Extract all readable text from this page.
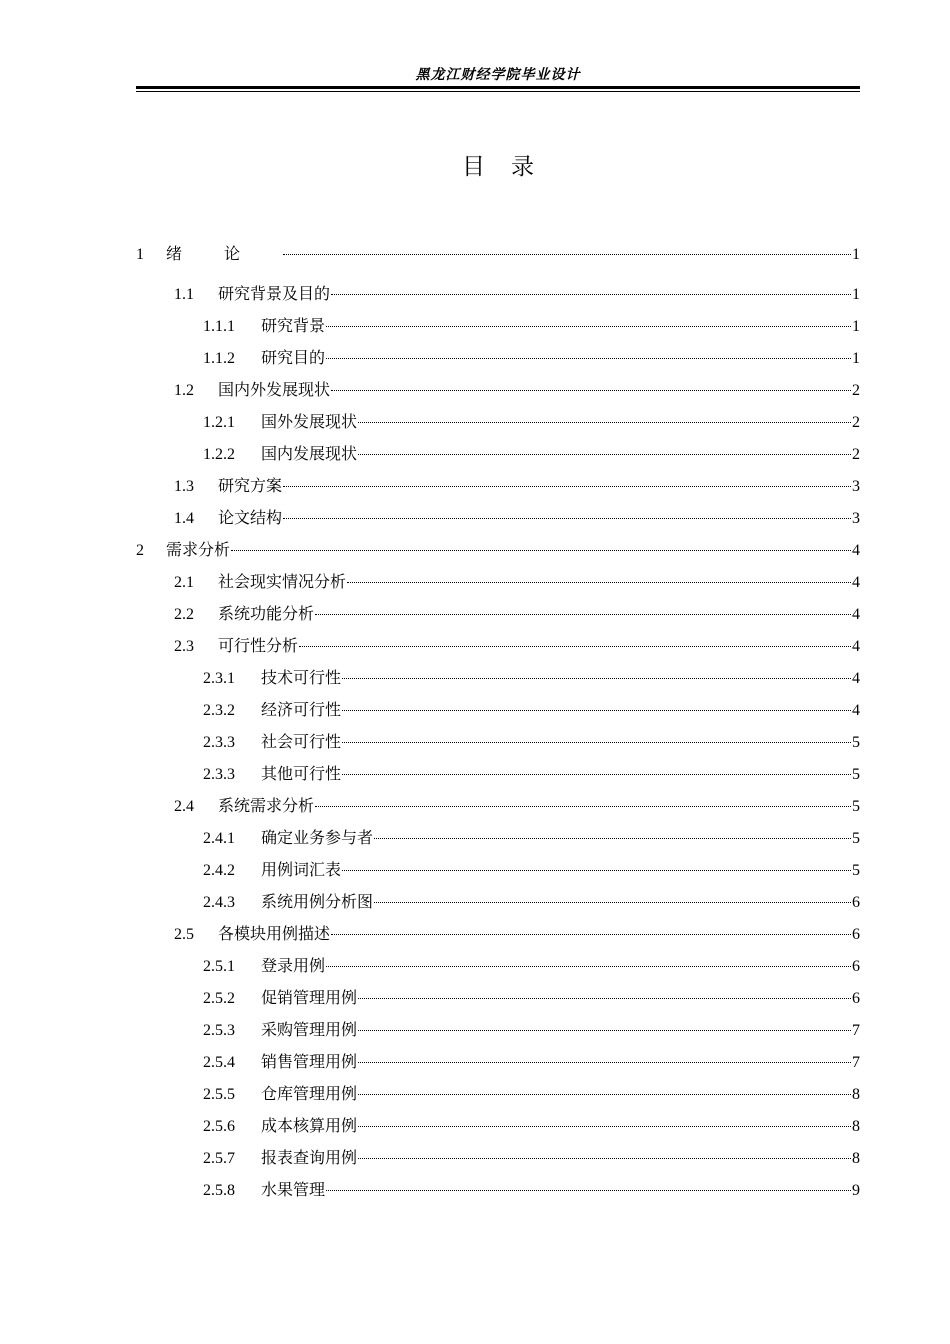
黑龙江财经学院毕业设计
目录
1	绪论	1
1.1	研究背景及目的	1
1.1.1	研究背景	1
1.1.2	研究目的	1
1.2	国内外发展现状	2
1.2.1	国外发展现状	2
1.2.2	国内发展现状	2
1.3	研究方案	3
1.4	论文结构	3
2	需求分析	4
2.1	社会现实情况分析	4
2.2	系统功能分析	4
2.3	可行性分析	4
2.3.1	技术可行性	4
2.3.2	经济可行性	4
2.3.3	社会可行性	5
2.3.3	其他可行性	5
2.4	系统需求分析	5
2.4.1	确定业务参与者	5
2.4.2	用例词汇表	5
2.4.3	系统用例分析图	6
2.5	各模块用例描述	6
2.5.1	登录用例	6
2.5.2	促销管理用例	6
2.5.3	采购管理用例	7
2.5.4	销售管理用例	7
2.5.5	仓库管理用例	8
2.5.6	成本核算用例	8
2.5.7	报表查询用例	8
2.5.8	水果管理	9
